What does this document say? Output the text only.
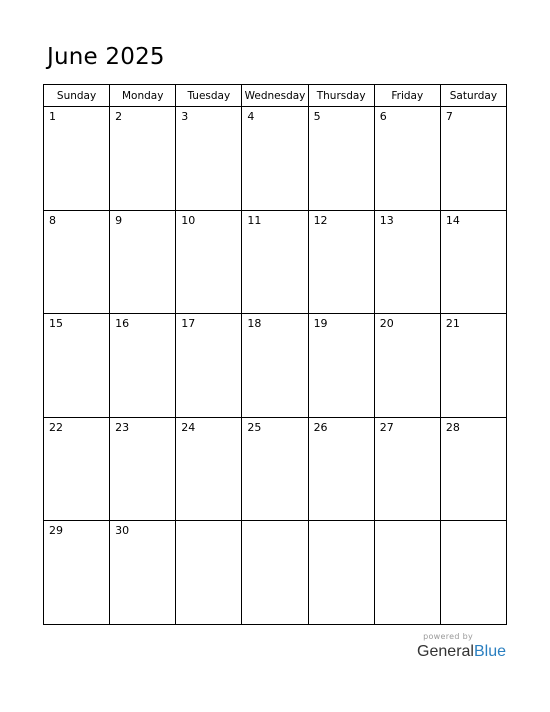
June 2025
Sunday	Monday	Tuesday	Wednesday	Thursday	Friday	Saturday

1	2	3	4	5	6	7

8	9	10	11	12	13	14

15	16	17	18	19	20	21

22	23	24	25	26	27	28

29	30					

powered by
GeneralBlue
